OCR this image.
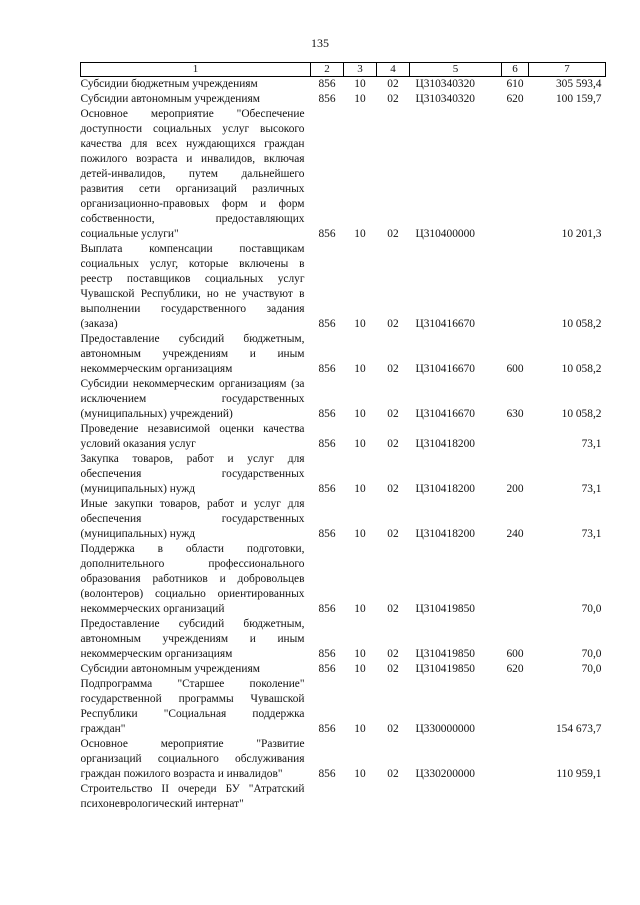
135
1	2	3	4	5	6	7
Субсидии бюджетным учреждениям	856	10	02	Ц310340320	610	305 593,4
Субсидии автономным учреждениям	856	10	02	Ц310340320	620	100 159,7
Основное мероприятие "Обеспечение доступности социальных услуг высокого качества для всех нуждающихся граждан пожилого возраста и инвалидов, включая детей-инвалидов, путем дальнейшего развития сети организаций различных организационно-правовых форм и форм собственности, предоставляющих социальные услуги"	856	10	02	Ц310400000		10 201,3
Выплата компенсации поставщикам социальных услуг, которые включены в реестр поставщиков социальных услуг Чувашской Республики, но не участвуют в выполнении государственного задания (заказа)	856	10	02	Ц310416670		10 058,2
Предоставление субсидий бюджетным, автономным учреждениям и иным некоммерческим организациям	856	10	02	Ц310416670	600	10 058,2
Субсидии некоммерческим организациям (за исключением государственных (муниципальных) учреждений)	856	10	02	Ц310416670	630	10 058,2
Проведение независимой оценки качества условий оказания услуг	856	10	02	Ц310418200		73,1
Закупка товаров, работ и услуг для обеспечения государственных (муниципальных) нужд	856	10	02	Ц310418200	200	73,1
Иные закупки товаров, работ и услуг для обеспечения государственных (муниципальных) нужд	856	10	02	Ц310418200	240	73,1
Поддержка в области подготовки, дополнительного профессионального образования работников и добровольцев (волонтеров) социально ориентированных некоммерческих организаций	856	10	02	Ц310419850		70,0
Предоставление субсидий бюджетным, автономным учреждениям и иным некоммерческим организациям	856	10	02	Ц310419850	600	70,0
Субсидии автономным учреждениям	856	10	02	Ц310419850	620	70,0
Подпрограмма "Старшее поколение" государственной программы Чувашской Республики "Социальная поддержка граждан"	856	10	02	Ц330000000		154 673,7
Основное мероприятие "Развитие организаций социального обслуживания граждан пожилого возраста и инвалидов"	856	10	02	Ц330200000		110 959,1
Строительство II очереди БУ "Атратский психоневрологический интернат"						
